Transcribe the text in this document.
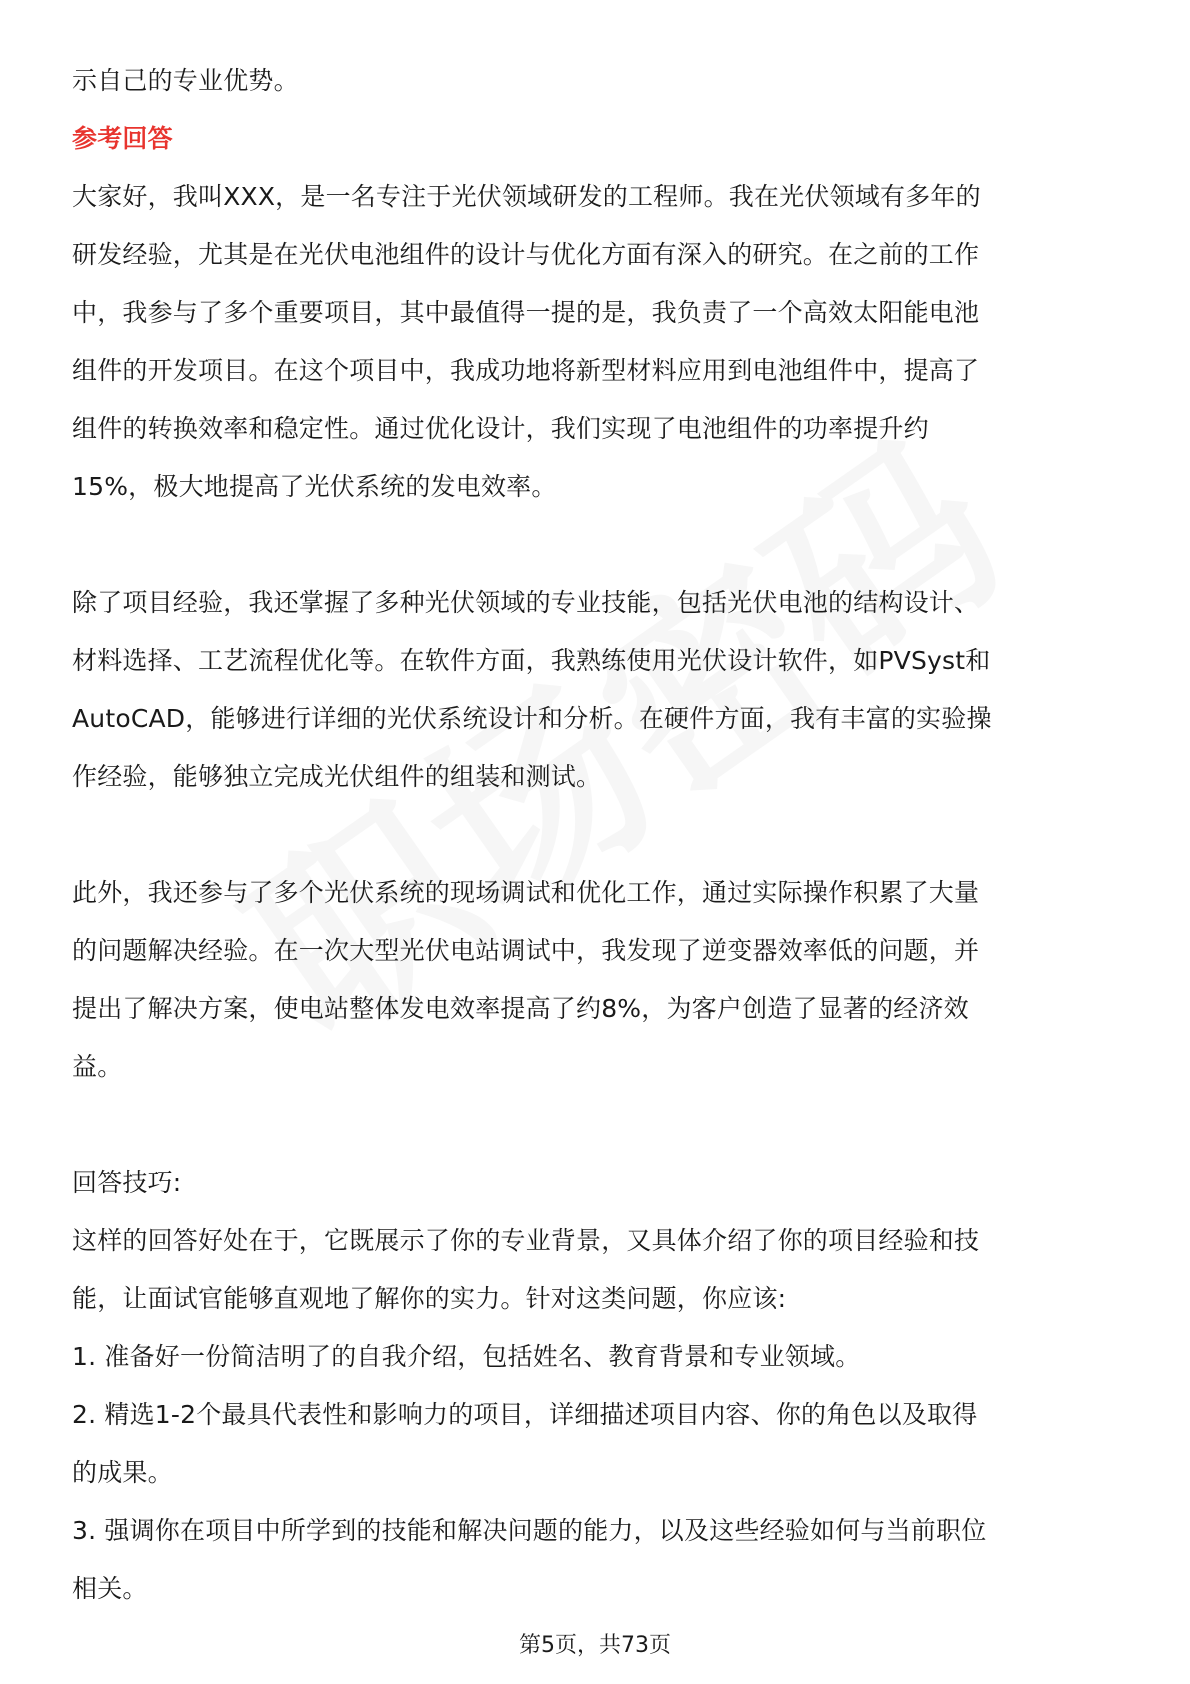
示自己的专业优势。
参考回答
大家好，我叫XXX，是一名专注于光伏领域研发的工程师。我在光伏领域有多年的
研发经验，尤其是在光伏电池组件的设计与优化方面有深入的研究。在之前的工作
中，我参与了多个重要项目，其中最值得一提的是，我负责了一个高效太阳能电池
组件的开发项目。在这个项目中，我成功地将新型材料应用到电池组件中，提高了
组件的转换效率和稳定性。通过优化设计，我们实现了电池组件的功率提升约
15%，极大地提高了光伏系统的发电效率。
除了项目经验，我还掌握了多种光伏领域的专业技能，包括光伏电池的结构设计、
材料选择、工艺流程优化等。在软件方面，我熟练使用光伏设计软件，如PVSyst和
AutoCAD，能够进行详细的光伏系统设计和分析。在硬件方面，我有丰富的实验操
作经验，能够独立完成光伏组件的组装和测试。
此外，我还参与了多个光伏系统的现场调试和优化工作，通过实际操作积累了大量
的问题解决经验。在一次大型光伏电站调试中，我发现了逆变器效率低的问题，并
提出了解决方案，使电站整体发电效率提高了约8%，为客户创造了显著的经济效
益。
回答技巧:
这样的回答好处在于，它既展示了你的专业背景，又具体介绍了你的项目经验和技
能，让面试官能够直观地了解你的实力。针对这类问题，你应该:
1. 准备好一份简洁明了的自我介绍，包括姓名、教育背景和专业领域。
2. 精选1-2个最具代表性和影响力的项目，详细描述项目内容、你的角色以及取得
的成果。
3. 强调你在项目中所学到的技能和解决问题的能力，以及这些经验如何与当前职位
相关。
第5页，共73页
